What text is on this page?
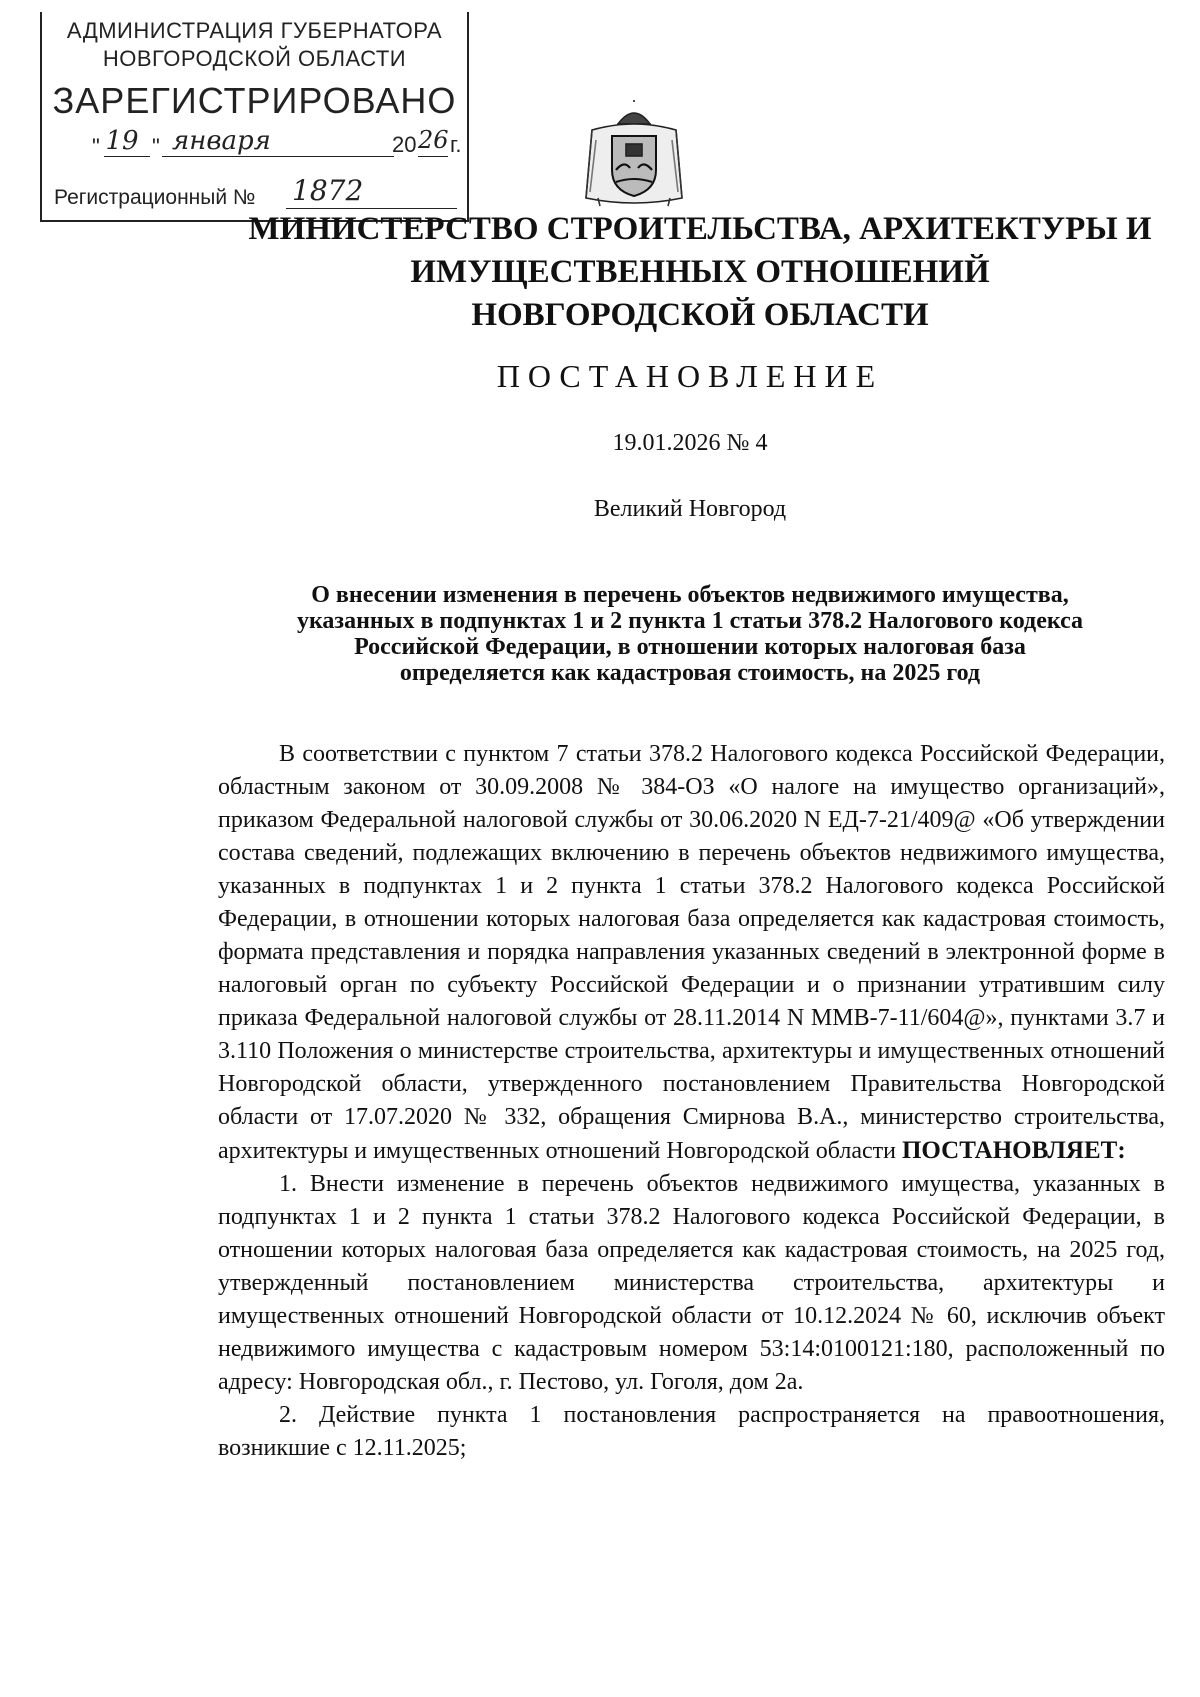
АДМИНИСТРАЦИЯ ГУБЕРНАТОРА
НОВГОРОДСКОЙ ОБЛАСТИ
ЗАРЕГИСТРИРОВАНО
" 19 " января	20 26 г.
Регистрационный № 1872
МИНИСТЕРСТВО СТРОИТЕЛЬСТВА, АРХИТЕКТУРЫ И
ИМУЩЕСТВЕННЫХ ОТНОШЕНИЙ
НОВГОРОДСКОЙ ОБЛАСТИ
ПОСТАНОВЛЕНИЕ
19.01.2026 № 4
Великий Новгород
О внесении изменения в перечень объектов недвижимого имущества,
указанных в подпунктах 1 и 2 пункта 1 статьи 378.2 Налогового кодекса
Российской Федерации, в отношении которых налоговая база
определяется как кадастровая стоимость, на 2025 год

В соответствии с пунктом 7 статьи 378.2 Налогового кодекса Российской Федерации, областным законом от 30.09.2008 № 384-ОЗ «О налоге на имущество организаций», приказом Федеральной налоговой службы от 30.06.2020 N ЕД-7-21/409@ «Об утверждении состава сведений, подлежащих включению в перечень объектов недвижимого имущества, указанных в подпунктах 1 и 2 пункта 1 статьи 378.2 Налогового кодекса Российской Федерации, в отношении которых налоговая база определяется как кадастровая стоимость, формата представления и порядка направления указанных сведений в электронной форме в налоговый орган по субъекту Российской Федерации и о признании утратившим силу приказа Федеральной налоговой службы от 28.11.2014 N ММВ-7-11/604@», пунктами 3.7 и 3.110 Положения о министерстве строительства, архитектуры и имущественных отношений Новгородской области, утвержденного постановлением Правительства Новгородской области от 17.07.2020 № 332, обращения Смирнова В.А., министерство строительства, архитектуры и имущественных отношений Новгородской области ПОСТАНОВЛЯЕТ:

1. Внести изменение в перечень объектов недвижимого имущества, указанных в подпунктах 1 и 2 пункта 1 статьи 378.2 Налогового кодекса Российской Федерации, в отношении которых налоговая база определяется как кадастровая стоимость, на 2025 год, утвержденный постановлением министерства строительства, архитектуры и имущественных отношений Новгородской области от 10.12.2024 № 60, исключив объект недвижимого имущества с кадастровым номером 53:14:0100121:180, расположенный по адресу: Новгородская обл., г. Пестово, ул. Гоголя, дом 2а.

2. Действие пункта 1 постановления распространяется на правоотношения, возникшие с 12.11.2025;
